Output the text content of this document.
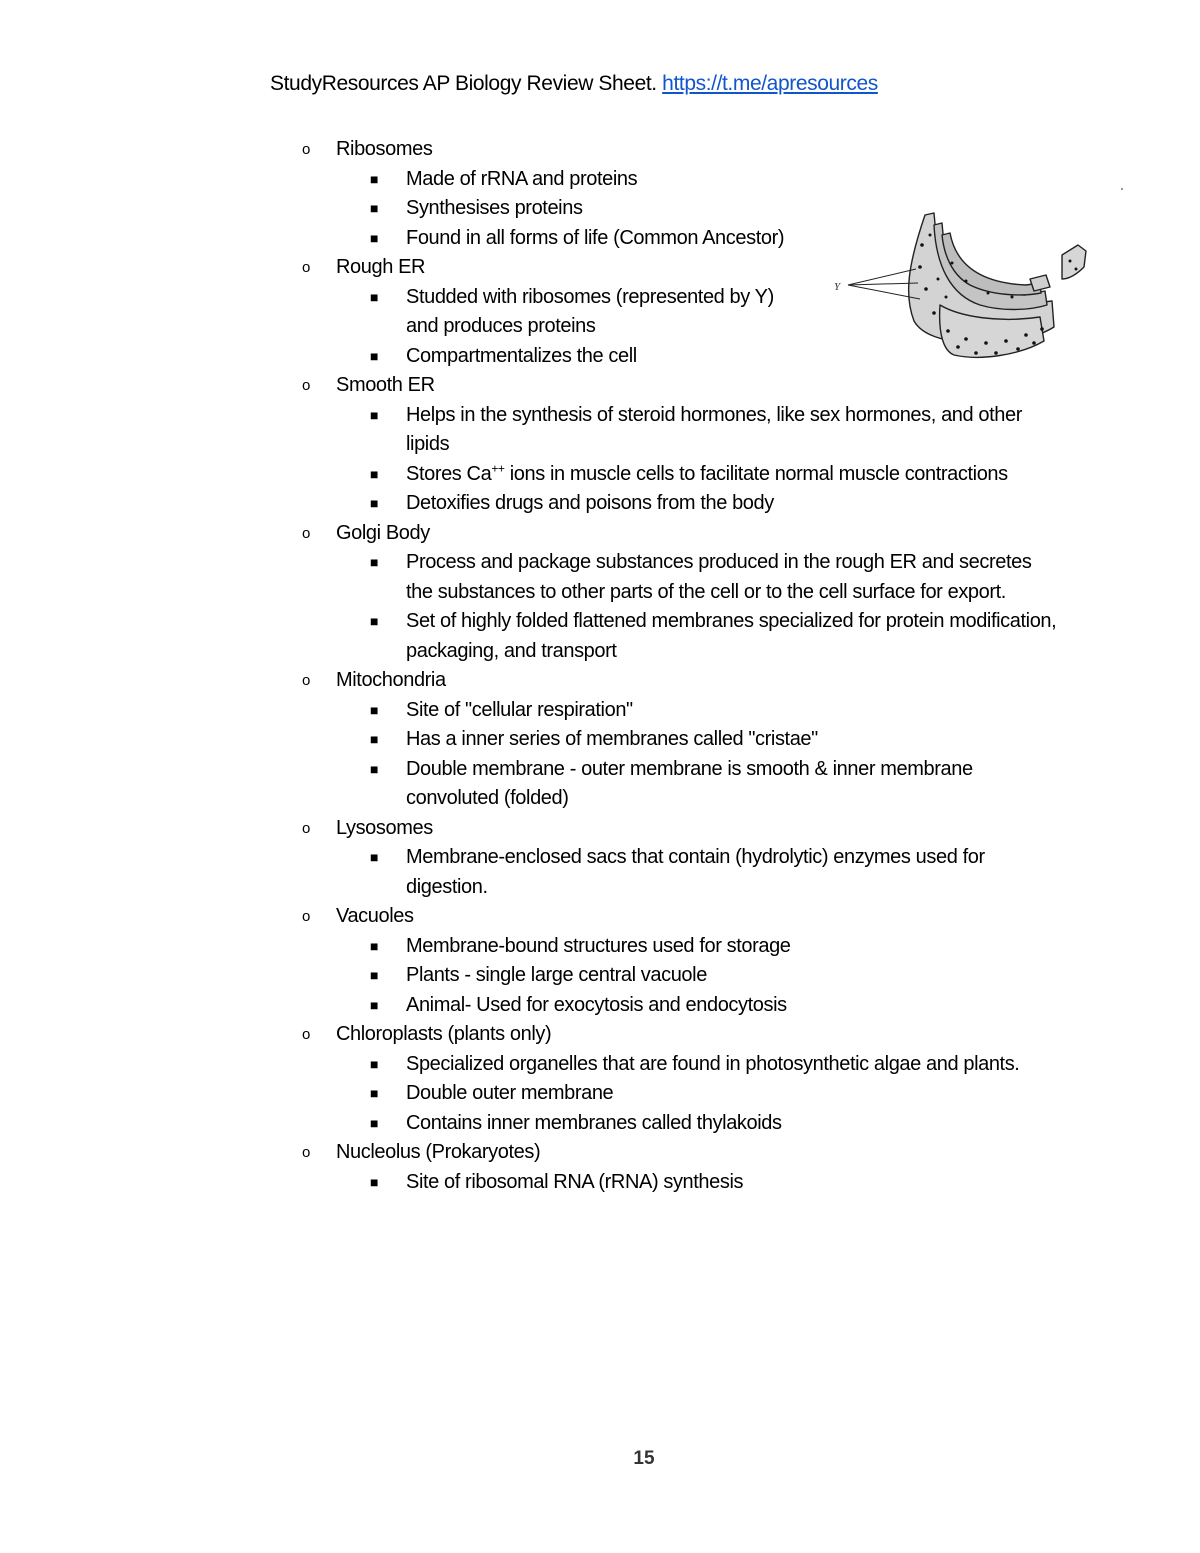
StudyResources AP Biology Review Sheet. https://t.me/apresources
o Ribosomes
■ Made of rRNA and proteins
■ Synthesises proteins
■ Found in all forms of life (Common Ancestor)
o Rough ER
■ Studded with ribosomes (represented by Y) and produces proteins
■ Compartmentalizes the cell
o Smooth ER
■ Helps in the synthesis of steroid hormones, like sex hormones, and other lipids
■ Stores Ca++ ions in muscle cells to facilitate normal muscle contractions
■ Detoxifies drugs and poisons from the body
o Golgi Body
■ Process and package substances produced in the rough ER and secretes the substances to other parts of the cell or to the cell surface for export.
■ Set of highly folded flattened membranes specialized for protein modification, packaging, and transport
o Mitochondria
■ Site of "cellular respiration"
■ Has a inner series of membranes called "cristae"
■ Double membrane - outer membrane is smooth & inner membrane convoluted (folded)
o Lysosomes
■ Membrane-enclosed sacs that contain (hydrolytic) enzymes used for digestion.
o Vacuoles
■ Membrane-bound structures used for storage
■ Plants - single large central vacuole
■ Animal- Used for exocytosis and endocytosis
o Chloroplasts (plants only)
■ Specialized organelles that are found in photosynthetic algae and plants.
■ Double outer membrane
■ Contains inner membranes called thylakoids
o Nucleolus (Prokaryotes)
■ Site of ribosomal RNA (rRNA) synthesis
Y
15
